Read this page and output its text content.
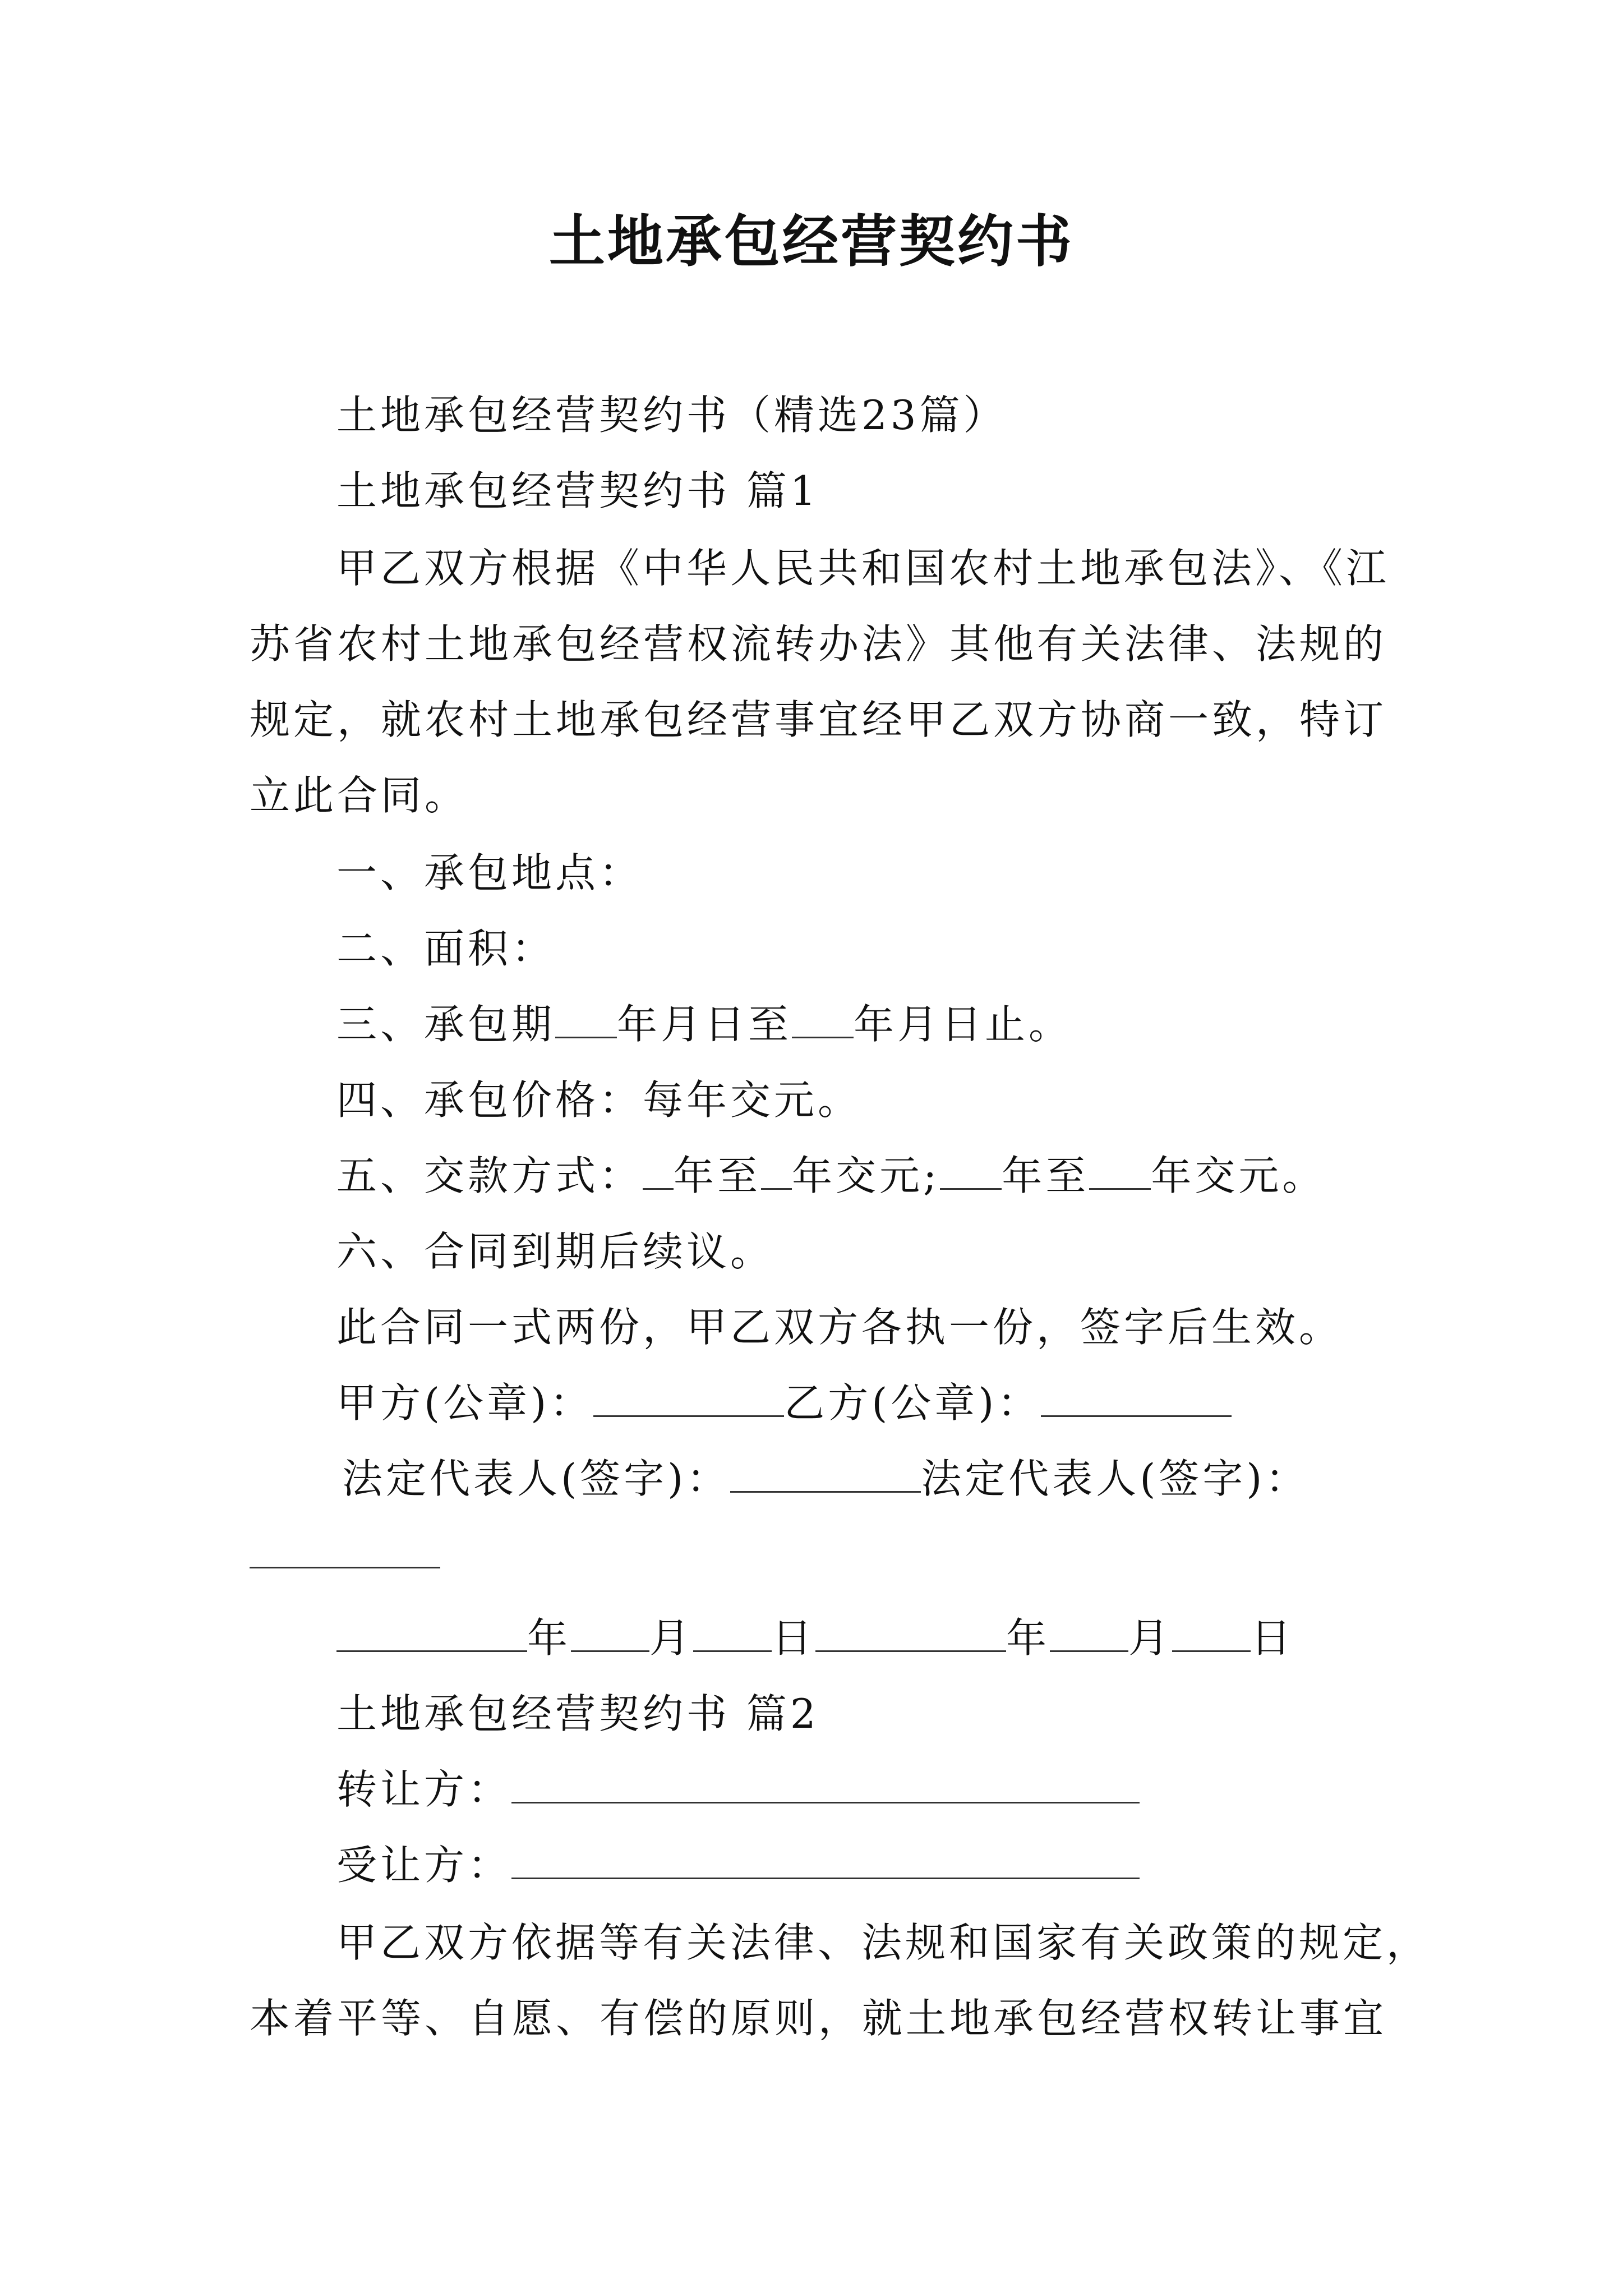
土地承包经营契约书

土地承包经营契约书（精选23篇）

土地承包经营契约书 篇1

甲乙双方根据《中华人民共和国农村土地承包法》、《江

苏省农村土地承包经营权流转办法》其他有关法律、法规的

规定，就农村土地承包经营事宜经甲乙双方协商一致，特订

立此合同。

一、承包地点：

二、面积：

三、承包期 年月日至 年月日止。

四、承包价格：每年交元。

五、交款方式： 年至 年交元; 年至 年交元。

六、合同到期后续议。

此合同一式两份，甲乙双方各执一份，签字后生效。

甲方(公章)：	乙方(公章)：

法定代表人(签字)：	法定代表人(签字)：

年 月 日	年 月 日

土地承包经营契约书 篇2

转让方：

受让方：

甲乙双方依据等有关法律、法规和国家有关政策的规定，

本着平等、自愿、有偿的原则，就土地承包经营权转让事宜
